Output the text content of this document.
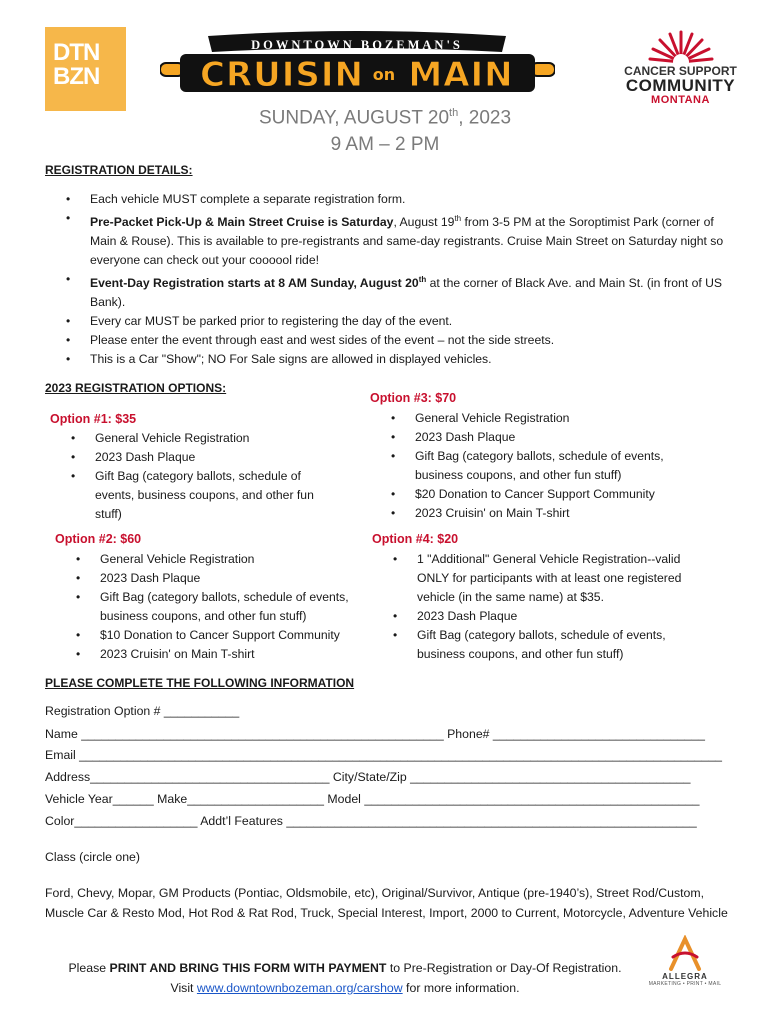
DTN
BZN
DOWNTOWN BOZEMAN'S
CRUISIN on MAIN	CANCER SUPPORT
COMMUNITY
MONTANA
SUNDAY, AUGUST 20th, 2023
9 AM – 2 PM
REGISTRATION DETAILS:
• Each vehicle MUST complete a separate registration form.
• Pre-Packet Pick-Up & Main Street Cruise is Saturday, August 19th from 3-5 PM at the Soroptimist Park (corner of Main & Rouse). This is available to pre-registrants and same-day registrants. Cruise Main Street on Saturday night so everyone can check out your coooool ride!
• Event-Day Registration starts at 8 AM Sunday, August 20th at the corner of Black Ave. and Main St. (in front of US Bank).
• Every car MUST be parked prior to registering the day of the event.
• Please enter the event through east and west sides of the event – not the side streets.
• This is a Car "Show"; NO For Sale signs are allowed in displayed vehicles.
2023 REGISTRATION OPTIONS:
Option #1: $35
• General Vehicle Registration
• 2023 Dash Plaque
• Gift Bag (category ballots, schedule of events, business coupons, and other fun stuff)
Option #2: $60
• General Vehicle Registration
• 2023 Dash Plaque
• Gift Bag (category ballots, schedule of events, business coupons, and other fun stuff)
• $10 Donation to Cancer Support Community
• 2023 Cruisin' on Main T-shirt
Option #3: $70
• General Vehicle Registration
• 2023 Dash Plaque
• Gift Bag (category ballots, schedule of events, business coupons, and other fun stuff)
• $20 Donation to Cancer Support Community
• 2023 Cruisin' on Main T-shirt
Option #4: $20
• 1 "Additional" General Vehicle Registration--valid ONLY for participants with at least one registered vehicle (in the same name) at $35.
• 2023 Dash Plaque
• Gift Bag (category ballots, schedule of events, business coupons, and other fun stuff)
PLEASE COMPLETE THE FOLLOWING INFORMATION
Registration Option # ___________
Name _____________________________________________________ Phone# _______________________________
Email ______________________________________________________________________________________________
Address___________________________________ City/State/Zip _________________________________________
Vehicle Year______ Make____________________ Model _________________________________________________
Color__________________ Addt’l Features ____________________________________________________________
Class (circle one)
Ford, Chevy, Mopar, GM Products (Pontiac, Oldsmobile, etc), Original/Survivor, Antique (pre-1940’s), Street Rod/Custom, Muscle Car & Resto Mod, Hot Rod & Rat Rod, Truck, Special Interest, Import, 2000 to Current, Motorcycle, Adventure Vehicle
Please PRINT AND BRING THIS FORM WITH PAYMENT to Pre-Registration or Day-Of Registration.
Visit www.downtownbozeman.org/carshow for more information.
ALLEGRA
MARKETING • PRINT • MAIL
